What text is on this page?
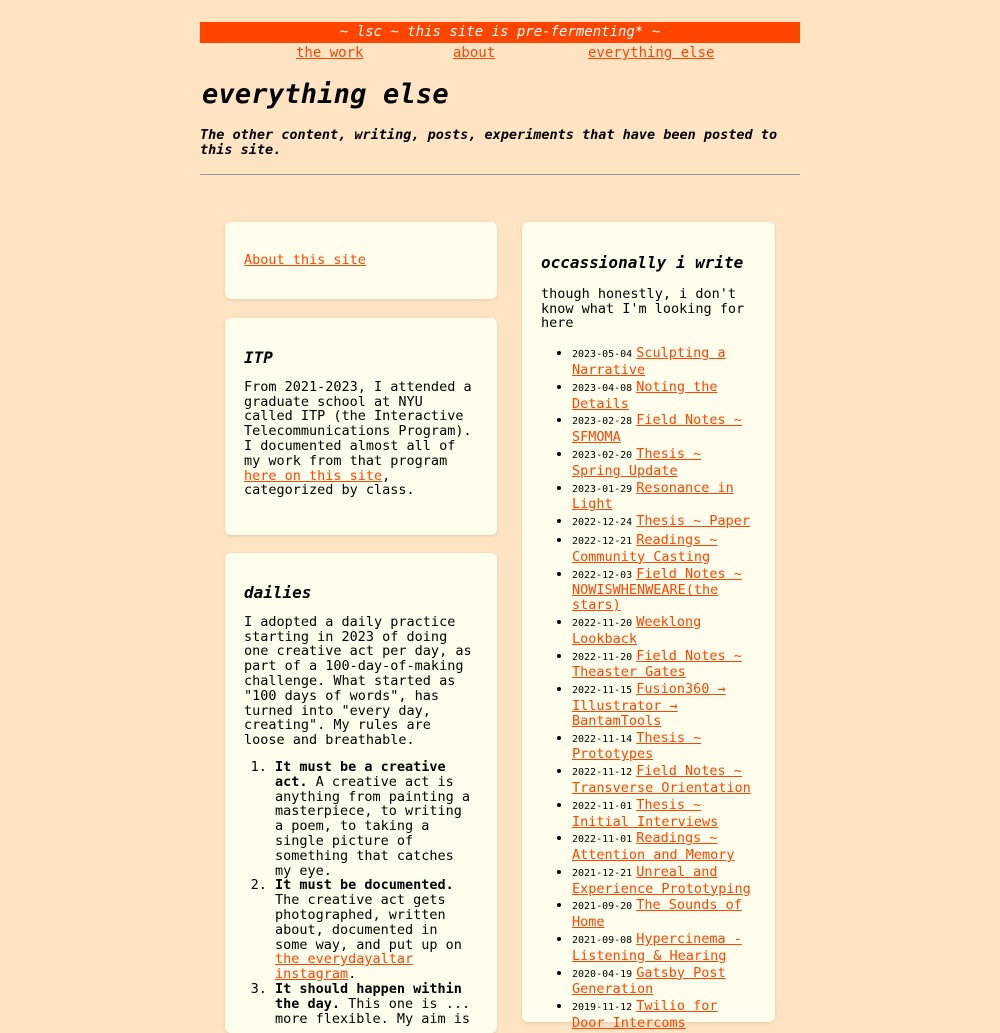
~ lsc ~ this site is pre-fermenting* ~
the work	about	everything else
everything else
The other content, writing, posts, experiments that have been posted to this site.
About this site
ITP

From 2021-2023, I attended a graduate school at NYU called ITP (the Interactive Telecommunications Program). I documented almost all of my work from that program here on this site, categorized by class.

dailies

I adopted a daily practice starting in 2023 of doing one creative act per day, as part of a 100-day-of-making challenge. What started as "100 days of words", has turned into "every day, creating". My rules are loose and breathable.

1. It must be a creative act. A creative act is anything from painting a masterpiece, to writing a poem, to taking a single picture of something that catches my eye.
2. It must be documented. The creative act gets photographed, written about, documented in some way, and put up on the everydayaltar instagram.
3. It should happen within the day. This one is ... more flexible. My aim is
occassionally i write

though honestly, i don't know what I'm looking for here

• 2023-05-04 Sculpting a Narrative
• 2023-04-08 Noting the Details
• 2023-02-28 Field Notes ~ SFMOMA
• 2023-02-20 Thesis ~ Spring Update
• 2023-01-29 Resonance in Light
• 2022-12-24 Thesis ~ Paper
• 2022-12-21 Readings ~ Community Casting
• 2022-12-03 Field Notes ~ NOWISWHENWEARE(the stars)
• 2022-11-20 Weeklong Lookback
• 2022-11-20 Field Notes ~ Theaster Gates
• 2022-11-15 Fusion360 → Illustrator → BantamTools
• 2022-11-14 Thesis ~ Prototypes
• 2022-11-12 Field Notes ~ Transverse Orientation
• 2022-11-01 Thesis ~ Initial Interviews
• 2022-11-01 Readings ~ Attention and Memory
• 2021-12-21 Unreal and Experience Prototyping
• 2021-09-20 The Sounds of Home
• 2021-09-08 Hypercinema - Listening & Hearing
• 2020-04-19 Gatsby Post Generation
• 2019-11-12 Twilio for Door Intercoms
